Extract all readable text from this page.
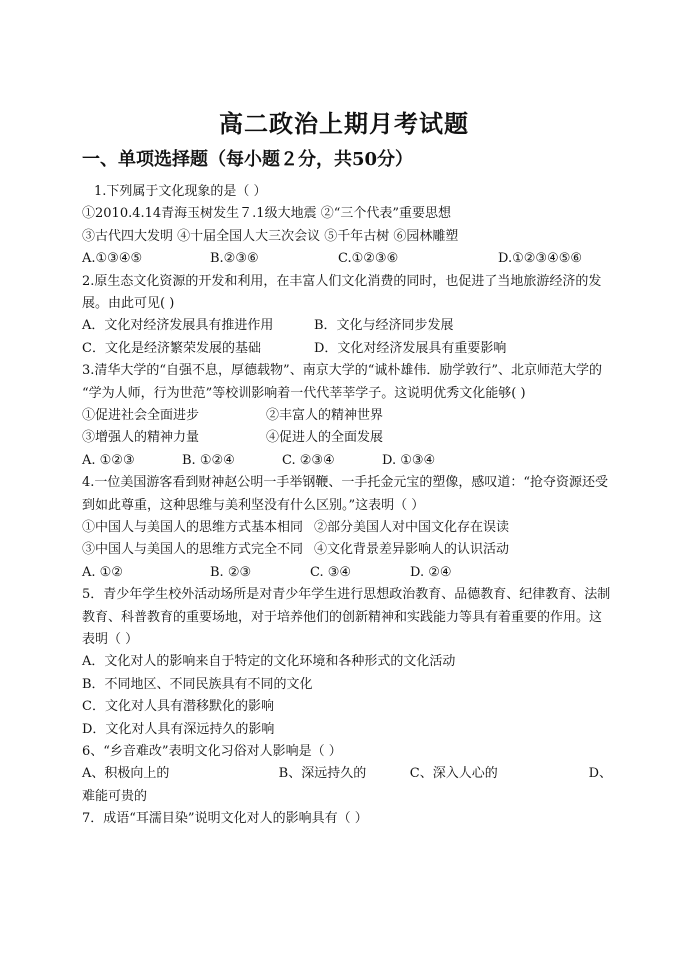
高二政治上期月考试题
一、单项选择题（每小题２分，共50分）
1.下列属于文化现象的是（ ）
①2010.4.14青海玉树发生７.1级大地震 ②“三个代表”重要思想
③古代四大发明 ④十届全国人大三次会议 ⑤千年古树 ⑥园林雕塑
A.①③④⑤	B.②③⑥	C.①②③⑥	D.①②③④⑤⑥
2.原生态文化资源的开发和利用，在丰富人们文化消费的同时，也促进了当地旅游经济的发展。由此可见( )
A．文化对经济发展具有推进作用	B．文化与经济同步发展
C．文化是经济繁荣发展的基础	D．文化对经济发展具有重要影响
3.清华大学的“自强不息，厚德载物”、南京大学的“诚朴雄伟．励学敦行”、北京师范大学的 “学为人师，行为世范”等校训影响着一代代莘莘学子。这说明优秀文化能够( )
①促进社会全面进步	②丰富人的精神世界
③增强人的精神力量	④促进人的全面发展
A. ①②③	B. ①②④	C. ②③④	D. ①③④
4.一位美国游客看到财神赵公明一手举钢鞭、一手托金元宝的塑像，感叹道：“抢夺资源还受到如此尊重，这种思维与美利坚没有什么区别。”这表明（ ）
①中国人与美国人的思维方式基本相同 ②部分美国人对中国文化存在误读
③中国人与美国人的思维方式完全不同 ④文化背景差异影响人的认识活动
A. ①②	B. ②③	C. ③④	D. ②④
5．青少年学生校外活动场所是对青少年学生进行思想政治教育、品德教育、纪律教育、法制教育、科普教育的重要场地，对于培养他们的创新精神和实践能力等具有着重要的作用。这表明（ ）
A．文化对人的影响来自于特定的文化环境和各种形式的文化活动
B．不同地区、不同民族具有不同的文化
C．文化对人具有潜移默化的影响
D．文化对人具有深远持久的影响
6、“乡音难改”表明文化习俗对人影响是（ ）
A、积极向上的	B、深远持久的	C、深入人心的	D、
难能可贵的
7．成语“耳濡目染”说明文化对人的影响具有（ ）
